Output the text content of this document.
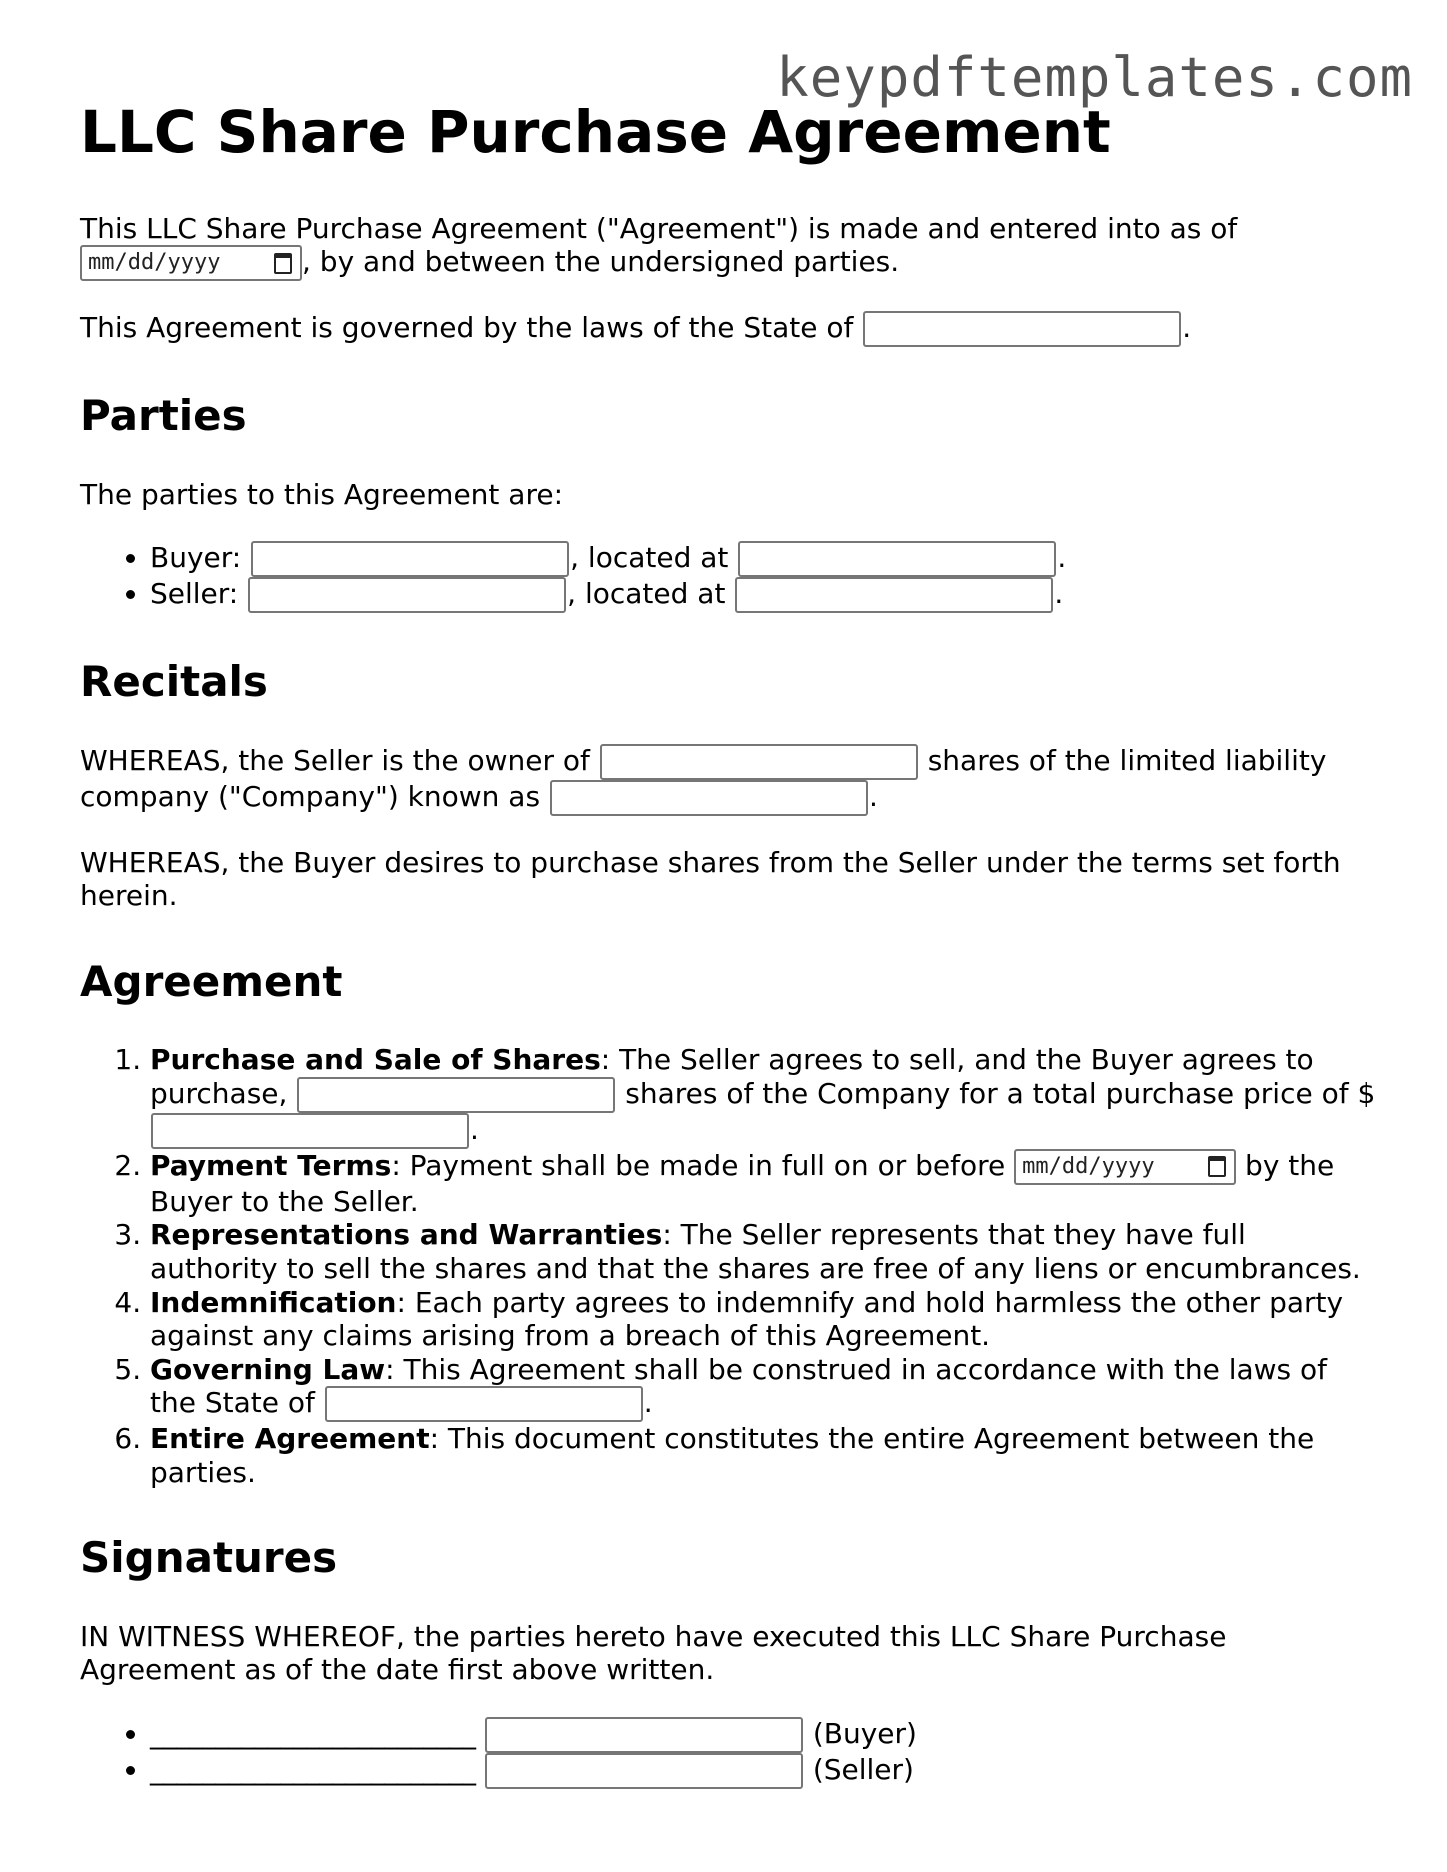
keypdftemplates.com
LLC Share Purchase Agreement

This LLC Share Purchase Agreement ("Agreement") is made and entered into as of
mm/dd/yyyy	, by and between the undersigned parties.

This Agreement is governed by the laws of the State of	.

Parties

The parties to this Agreement are:

• Buyer:	, located at	.
• Seller:	, located at	.
Recitals

WHEREAS, the Seller is the owner of	shares of the limited liability company ("Company") known as	.

WHEREAS, the Buyer desires to purchase shares from the Seller under the terms set forth herein.

Agreement
1. Purchase and Sale of Shares: The Seller agrees to sell, and the Buyer agrees to purchase,	shares of the Company for a total purchase price of $.
2. Payment Terms: Payment shall be made in full on or before mm/dd/yyyy	by the Buyer to the Seller.
3. Representations and Warranties: The Seller represents that they have full authority to sell the shares and that the shares are free of any liens or encumbrances.
4. Indemnification: Each party agrees to indemnify and hold harmless the other party against any claims arising from a breach of this Agreement.
5. Governing Law: This Agreement shall be construed in accordance with the laws of the State of	.
6. Entire Agreement: This document constitutes the entire Agreement between the parties.
Signatures

IN WITNESS WHEREOF, the parties hereto have executed this LLC Share Purchase Agreement as of the date first above written.

• _________________________	(Buyer)
• _________________________	(Seller)
